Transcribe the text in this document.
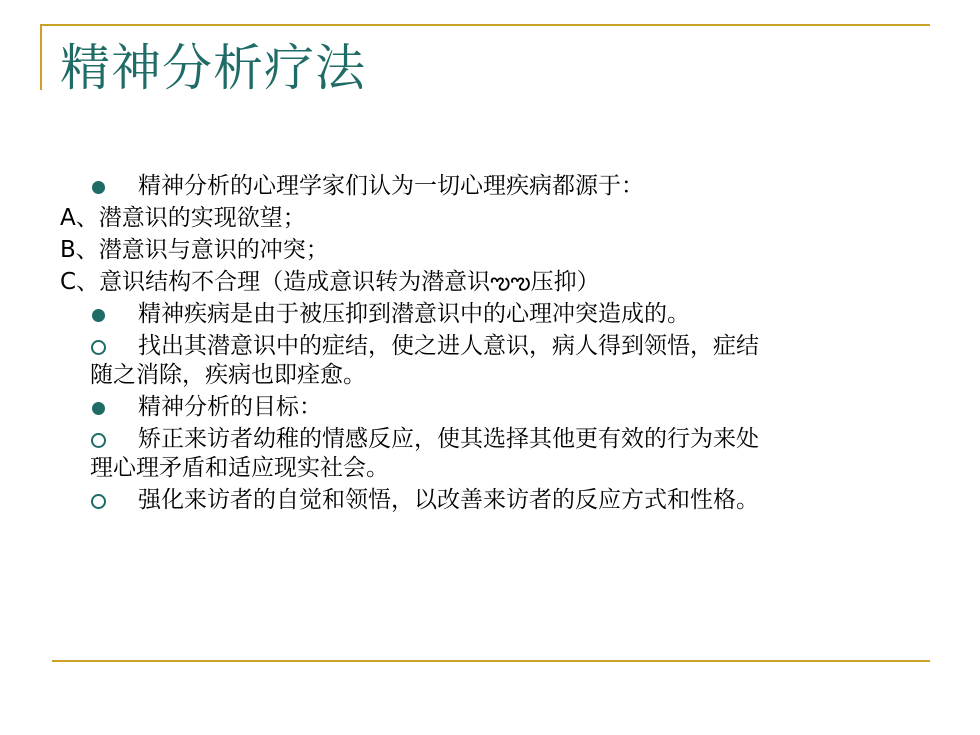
精神分析疗法
精神分析的心理学家们认为一切心理疾病都源于：
A、潜意识的实现欲望；
B、潜意识与意识的冲突；
C、意识结构不合理（造成意识转为潜意识ఌఌ压抑）
精神疾病是由于被压抑到潜意识中的心理冲突造成的。
找出其潜意识中的症结，使之进人意识，病人得到领悟，症结
随之消除，疾病也即痊愈。
精神分析的目标：
矫正来访者幼稚的情感反应，使其选择其他更有效的行为来处
理心理矛盾和适应现实社会。
强化来访者的自觉和领悟，以改善来访者的反应方式和性格。
